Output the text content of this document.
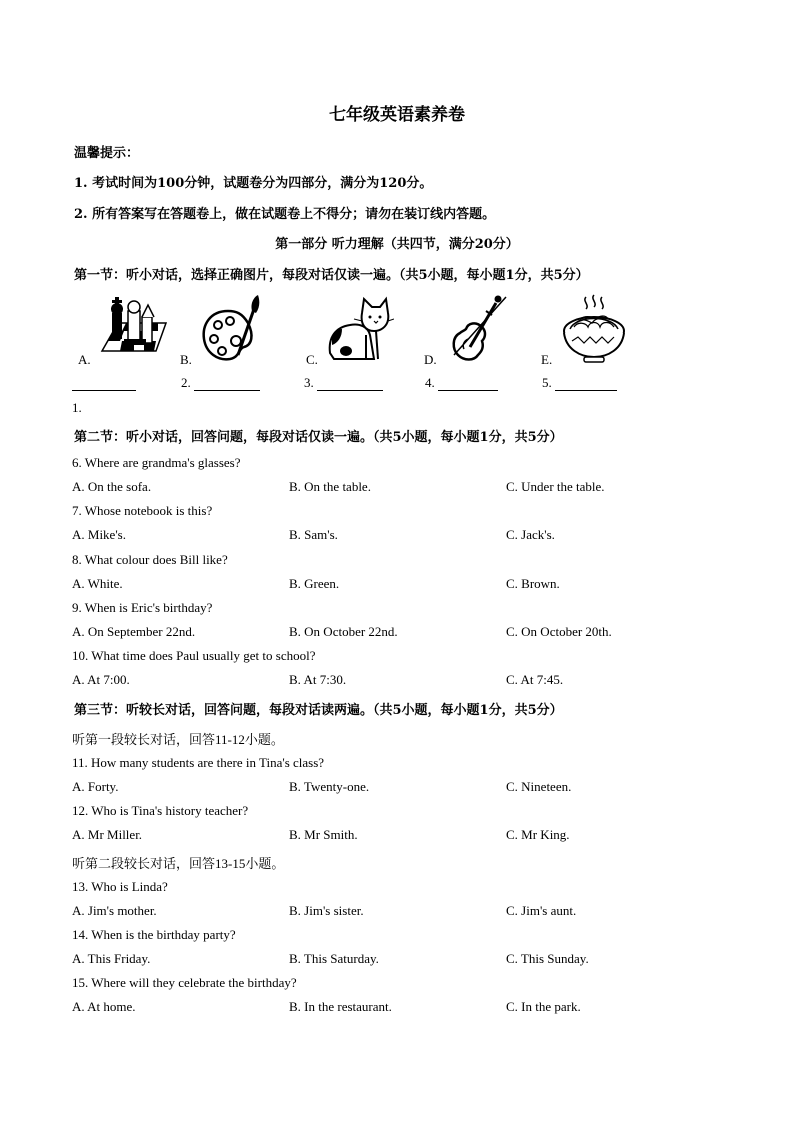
七年级英语素养卷
温馨提示：
1. 考试时间为100分钟，试题卷分为四部分，满分为120分。
2. 所有答案写在答题卷上，做在试题卷上不得分；请勿在装订线内答题。
第一部分 听力理解（共四节，满分20分）
第一节：听小对话，选择正确图片，每段对话仅读一遍。（共5小题，每小题1分，共5分）
A.	B.	C.	D.	E.
2.	3.	4.	5.
1.
第二节：听小对话，回答问题，每段对话仅读一遍。（共5小题，每小题1分，共5分）
6. Where are grandma's glasses?
A. On the sofa.	B. On the table.	C. Under the table.
7. Whose notebook is this?
A. Mike's.	B. Sam's.	C. Jack's.
8. What colour does Bill like?
A. White.	B. Green.	C. Brown.
9. When is Eric's birthday?
A. On September 22nd.	B. On October 22nd.	C. On October 20th.
10. What time does Paul usually get to school?
A. At 7:00.	B. At 7:30.	C. At 7:45.
第三节：听较长对话，回答问题，每段对话读两遍。（共5小题，每小题1分，共5分）
听第一段较长对话，回答11-12小题。
11. How many students are there in Tina's class?
A. Forty.	B. Twenty-one.	C. Nineteen.
12. Who is Tina's history teacher?
A. Mr Miller.	B. Mr Smith.	C. Mr King.
听第二段较长对话，回答13-15小题。
13. Who is Linda?
A. Jim's mother.	B. Jim's sister.	C. Jim's aunt.
14. When is the birthday party?
A. This Friday.	B. This Saturday.	C. This Sunday.
15. Where will they celebrate the birthday?
A. At home.	B. In the restaurant.	C. In the park.
